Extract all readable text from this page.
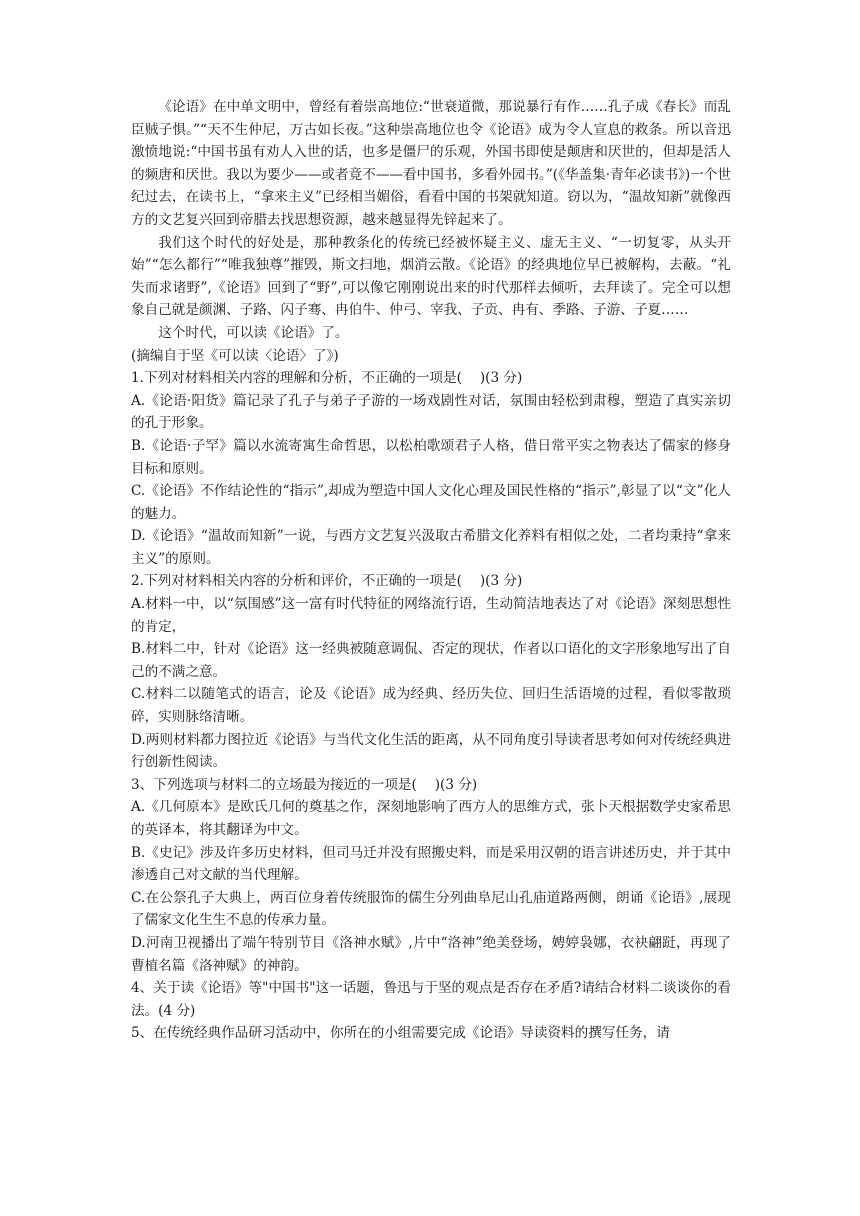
《论语》在中单文明中，曾经有着崇高地位:“世衰道微，那说暴行有作……孔子成《春长》而乱臣贼子惧。”“天不生仲尼，万古如长夜。”这种崇高地位也令《论语》成为令人宣息的救条。所以音迅激愤地说:“中国书虽有劝人入世的话，也多是僵尸的乐观，外国书即使是颠唐和厌世的，但却是活人的频唐和厌世。我以为要少——或者竟不——看中国书，多看外园书。”(《华盖集·青年必读书》)一个世纪过去，在读书上，“拿来主义”已经相当媚俗，看看中国的书架就知道。窃以为，“温故知新”就像西方的文艺复兴回到帝腊去找思想资源，越来越显得先锌起来了。

我们这个时代的好处是，那种教条化的传统已经被怀疑主义、虚无主义、“一切复零，从头开始”“怎么都行”“唯我独尊”摧毁，斯文扫地，烟消云散。《论语》的经典地位早已被解构，去蔽。“礼失而求诸野”,《论语》回到了“野”,可以像它刚刚说出来的时代那样去倾听，去拜读了。完全可以想象自己就是颜渊、子路、闪子骞、冉伯牛、仲弓、宰我、子贡、冉有、季路、子游、子夏……

这个时代，可以读《论语》了。

(摘编自于坚《可以读〈论语〉了》)

1.下列对材料相关内容的理解和分析，不正确的一项是(　 )(3 分)

A.《论语·阳货》篇记录了孔子与弟子子游的一场戏剧性对话，氛围由轻松到肃穆，塑造了真实亲切的孔于形象。

B.《论语·子罕》篇以水流寄寓生命哲思，以松柏歌颂君子人格，借日常平实之物表达了儒家的修身目标和原则。

C.《论语》不作结论性的“指示”,却成为塑造中国人文化心理及国民性格的“指示”,彰显了以“文”化人的魅力。

D.《论语》“温故而知新”一说，与西方文艺复兴汲取古希腊文化养料有相似之处，二者均秉持“拿来主义”的原则。

2.下列对材料相关内容的分析和评价，不正确的一项是(　 )(3 分)

A.材料一中，以“氛围感”这一富有时代特征的网络流行语，生动简洁地表达了对《论语》深刻思想性的肯定，

B.材料二中，针对《论语》这一经典被随意调侃、否定的现状，作者以口语化的文字形象地写出了自己的不满之意。

C.材料二以随笔式的语言，论及《论语》成为经典、经历失位、回归生活语境的过程，看似零散琐碎，实则脉络清晰。

D.两则材料都力图拉近《论语》与当代文化生活的距离，从不同角度引导读者思考如何对传统经典进行创新性阅读。

3、下列选项与材料二的立场最为接近的一项是(　 )(3 分)

A.《几何原本》是欧氏几何的奠基之作，深刻地影响了西方人的思维方式，张卜天根据数学史家希思的英译本，将其翻译为中文。

B.《史记》涉及许多历史材料，但司马迁并没有照搬史料，而是采用汉朝的语言讲述历史，并于其中渗透自己对文献的当代理解。

C.在公祭孔子大典上，两百位身着传统服饰的儒生分列曲阜尼山孔庙道路两侧，朗诵《论语》,展现了儒家文化生生不息的传承力量。

D.河南卫视播出了端午特别节目《洛神水赋》,片中“洛神”绝美登场，娉婷袅娜，衣袂翩跹，再现了曹植名篇《洛神赋》的神韵。

4、关于读《论语》等"中国书"这一话题，鲁迅与于坚的观点是否存在矛盾?请结合材料二谈谈你的看法。(4 分)

5、在传统经典作品研习活动中，你所在的小组需要完成《论语》导读资料的撰写任务，请
